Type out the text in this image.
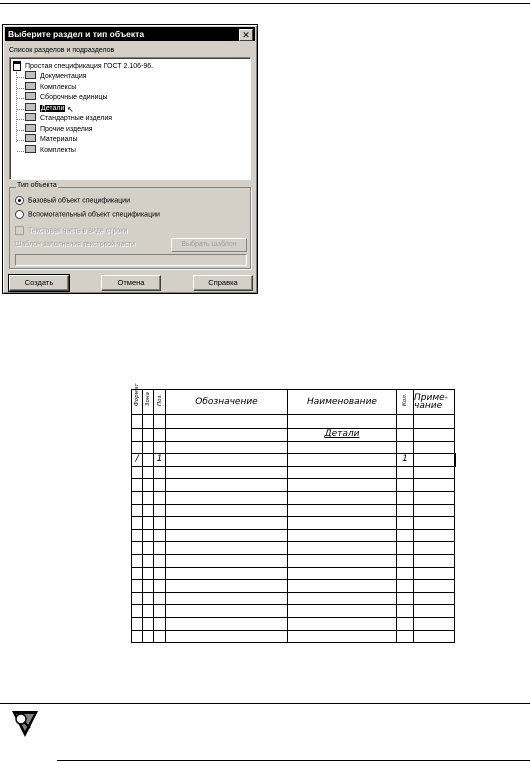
Выберите раздел и тип объекта	✕
Список разделов и подразделов
Простая спецификация ГОСТ 2.106-96.
Документация
Комплексы
Сборочные единицы
Детали ↖
Стандартные изделия
Прочие изделия
Материалы
Комплекты
Тип объекта
Базовый объект спецификации
Вспомогательный объект спецификации
Текстовая часть в виде строки
Шаблон заполнения текстовой части	Выбрать шаблон
Создать	Отмена	Справка
Формат	Зона	Поз.	Обозначение	Наименование	Кол.	Приме-
чание

				Детали		

/		1			1	
